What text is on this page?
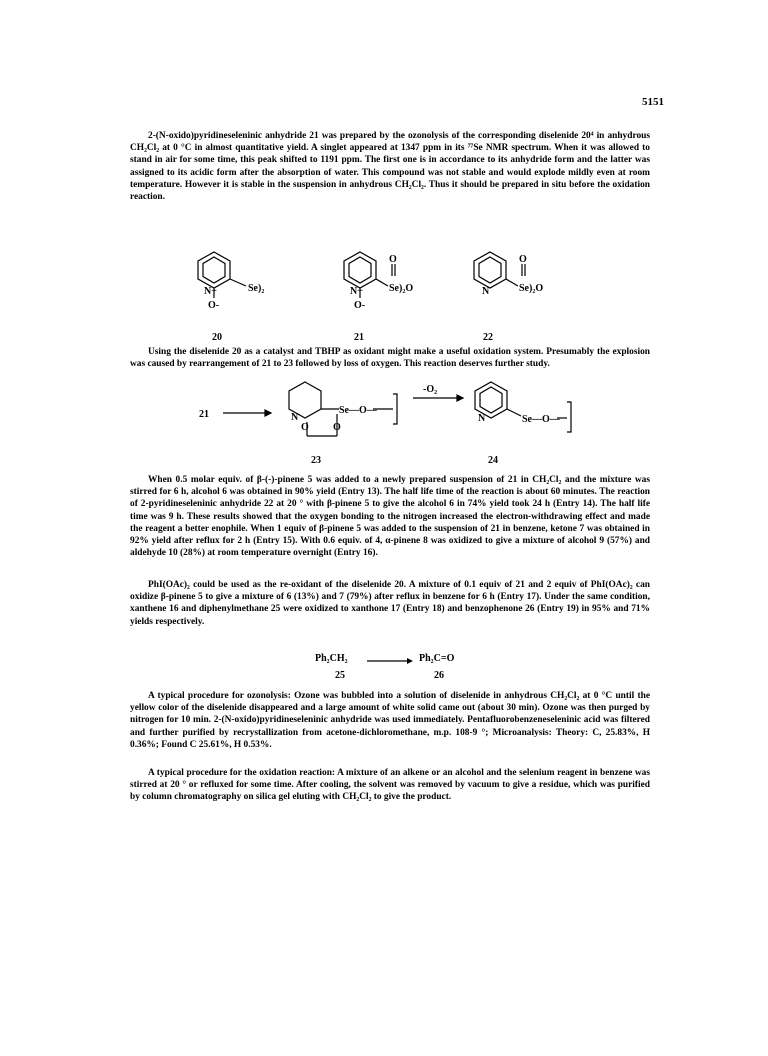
5151

2-(N-oxido)pyridineseleninic anhydride 21 was prepared by the ozonolysis of the corresponding diselenide 20⁴ in anhydrous CH₂Cl₂ at 0 °C in almost quantitative yield. A singlet appeared at 1347 ppm in its ⁷⁷Se NMR spectrum. When it was allowed to stand in air for some time, this peak shifted to 1191 ppm. The first one is in accordance to its anhydride form and the latter was assigned to its acidic form after the absorption of water. This compound was not stable and would explode mildly even at room temperature. However it is stable in the suspension in anhydrous CH₂Cl₂. Thus it should be prepared in situ before the oxidation reaction.

N+	Se)₂
O-
N+	Se)₂O
O
O-
N	Se)₂O
O
20	21	22

Using the diselenide 20 as a catalyst and TBHP as oxidant might make a useful oxidation system. Presumably the explosion was caused by rearrangement of 21 to 23 followed by loss of oxygen. This reaction deserves further study.

21	N
Se—O—
O O
-O₂
N	Se—O—
23	24

When 0.5 molar equiv. of β-(-)-pinene 5 was added to a newly prepared suspension of 21 in CH₂Cl₂ and the mixture was stirred for 6 h, alcohol 6 was obtained in 90% yield (Entry 13). The half life time of the reaction is about 60 minutes. The reaction of 2-pyridineseleninic anhydride 22 at 20 ° with β-pinene 5 to give the alcohol 6 in 74% yield took 24 h (Entry 14). The half life time was 9 h. These results showed that the oxygen bonding to the nitrogen increased the electron-withdrawing effect and made the reagent a better enophile. When 1 equiv of β-pinene 5 was added to the suspension of 21 in benzene, ketone 7 was obtained in 92% yield after reflux for 2 h (Entry 15). With 0.6 equiv. of 4, α-pinene 8 was oxidized to give a mixture of alcohol 9 (57%) and aldehyde 10 (28%) at room temperature overnight (Entry 16).

PhI(OAc)₂ could be used as the re-oxidant of the diselenide 20. A mixture of 0.1 equiv of 21 and 2 equiv of PhI(OAc)₂ can oxidize β-pinene 5 to give a mixture of 6 (13%) and 7 (79%) after reflux in benzene for 6 h (Entry 17). Under the same condition, xanthene 16 and diphenylmethane 25 were oxidized to xanthone 17 (Entry 18) and benzophenone 26 (Entry 19) in 95% and 71% yields respectively.

Ph₂CH₂	Ph₂C=O
25	26

A typical procedure for ozonolysis: Ozone was bubbled into a solution of diselenide in anhydrous CH₂Cl₂ at 0 °C until the yellow color of the diselenide disappeared and a large amount of white solid came out (about 30 min). Ozone was then purged by nitrogen for 10 min. 2-(N-oxido)pyridineseleninic anhydride was used immediately. Pentafluorobenzeneseleninic acid was filtered and further purified by recrystallization from acetone-dichloromethane, m.p. 108-9 °; Microanalysis: Theory: C, 25.83%, H 0.36%; Found C 25.61%, H 0.53%.

A typical procedure for the oxidation reaction: A mixture of an alkene or an alcohol and the selenium reagent in benzene was stirred at 20 ° or refluxed for some time. After cooling, the solvent was removed by vacuum to give a residue, which was purified by column chromatography on silica gel eluting with CH₂Cl₂ to give the product.
